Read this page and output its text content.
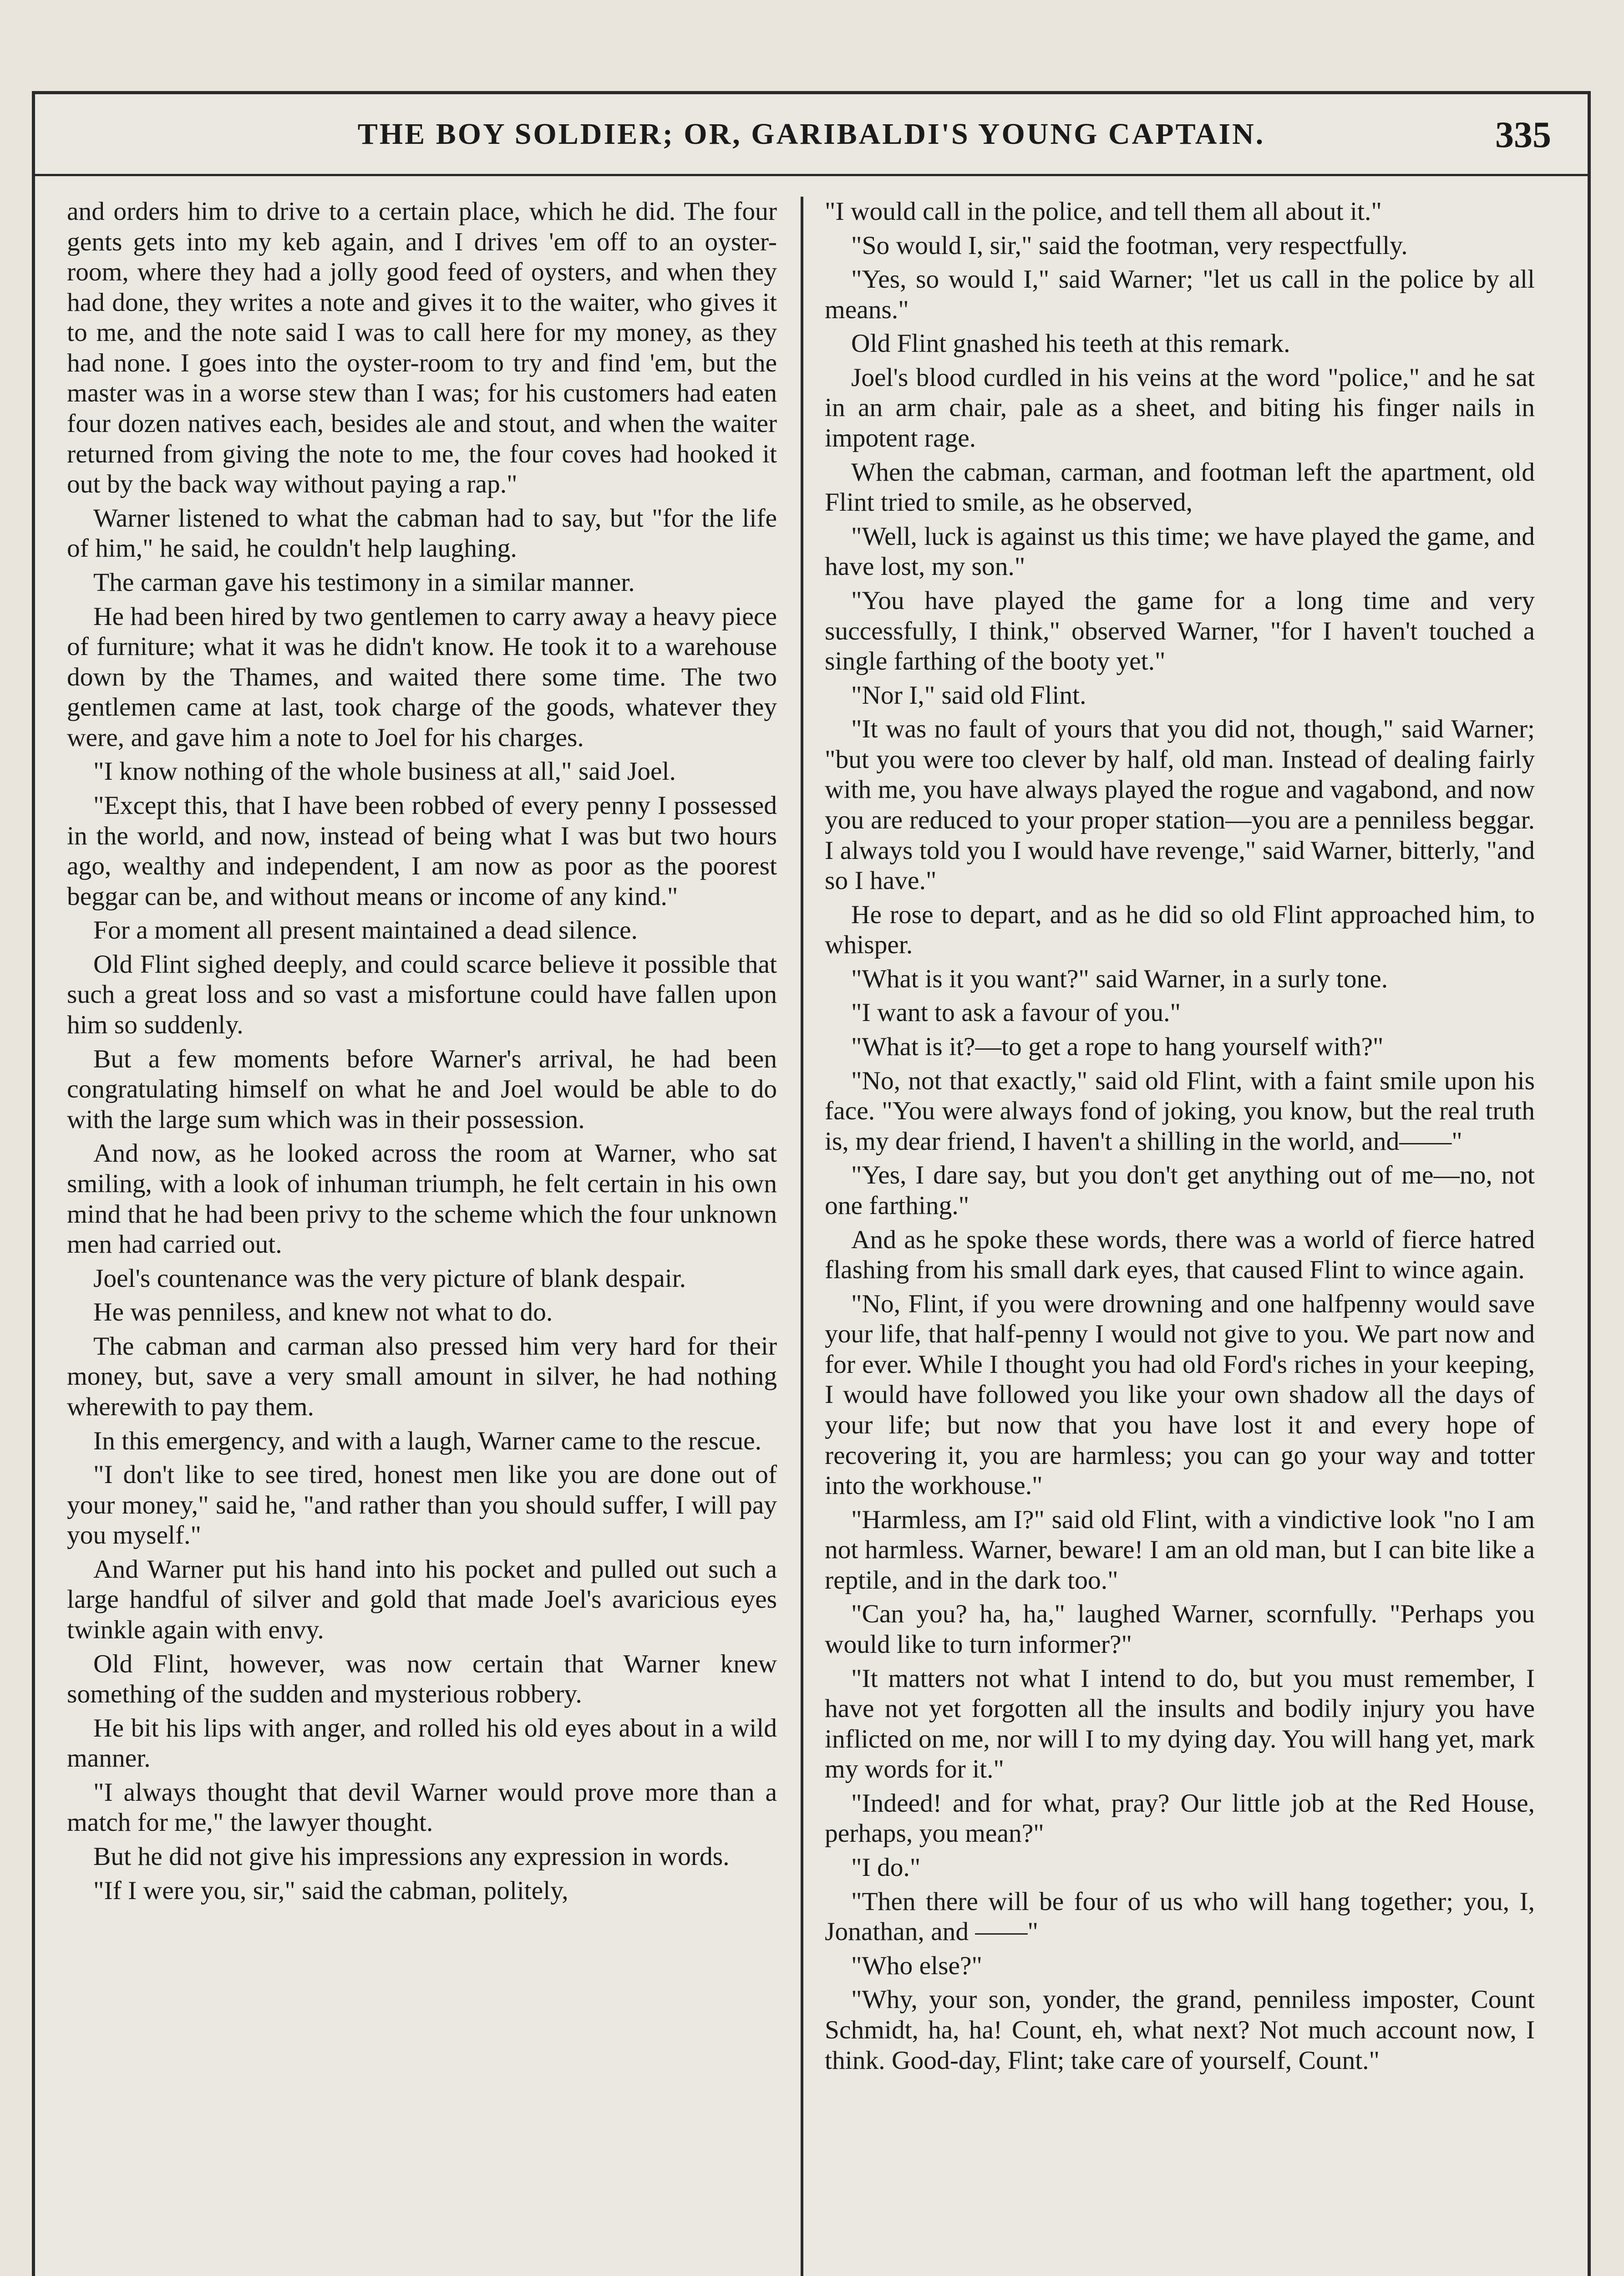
THE BOY SOLDIER; OR, GARIBALDI'S YOUNG CAPTAIN.	335

and orders him to drive to a certain place, which he did. The four gents gets into my keb again, and I drives 'em off to an oyster-room, where they had a jolly good feed of oysters, and when they had done, they writes a note and gives it to the waiter, who gives it to me, and the note said I was to call here for my money, as they had none. I goes into the oyster-room to try and find 'em, but the master was in a worse stew than I was; for his customers had eaten four dozen natives each, besides ale and stout, and when the waiter returned from giving the note to me, the four coves had hooked it out by the back way without paying a rap."

Warner listened to what the cabman had to say, but "for the life of him," he said, he couldn't help laughing.

The carman gave his testimony in a similar manner.

He had been hired by two gentlemen to carry away a heavy piece of furniture; what it was he didn't know. He took it to a warehouse down by the Thames, and waited there some time. The two gentlemen came at last, took charge of the goods, whatever they were, and gave him a note to Joel for his charges.

"I know nothing of the whole business at all," said Joel.

"Except this, that I have been robbed of every penny I possessed in the world, and now, instead of being what I was but two hours ago, wealthy and independent, I am now as poor as the poorest beggar can be, and without means or income of any kind."

For a moment all present maintained a dead silence.

Old Flint sighed deeply, and could scarce believe it possible that such a great loss and so vast a misfortune could have fallen upon him so suddenly.

But a few moments before Warner's arrival, he had been congratulating himself on what he and Joel would be able to do with the large sum which was in their possession.

And now, as he looked across the room at Warner, who sat smiling, with a look of inhuman triumph, he felt certain in his own mind that he had been privy to the scheme which the four unknown men had carried out.

Joel's countenance was the very picture of blank despair.

He was penniless, and knew not what to do.

The cabman and carman also pressed him very hard for their money, but, save a very small amount in silver, he had nothing wherewith to pay them.

In this emergency, and with a laugh, Warner came to the rescue.

"I don't like to see tired, honest men like you are done out of your money," said he, "and rather than you should suffer, I will pay you myself."

And Warner put his hand into his pocket and pulled out such a large handful of silver and gold that made Joel's avaricious eyes twinkle again with envy.

Old Flint, however, was now certain that Warner knew something of the sudden and mysterious robbery.

He bit his lips with anger, and rolled his old eyes about in a wild manner.

"I always thought that devil Warner would prove more than a match for me," the lawyer thought.

But he did not give his impressions any expression in words.

"If I were you, sir," said the cabman, politely,

"I would call in the police, and tell them all about it."

"So would I, sir," said the footman, very respectfully.

"Yes, so would I," said Warner; "let us call in the police by all means."

Old Flint gnashed his teeth at this remark.

Joel's blood curdled in his veins at the word "police," and he sat in an arm chair, pale as a sheet, and biting his finger nails in impotent rage.

When the cabman, carman, and footman left the apartment, old Flint tried to smile, as he observed,

"Well, luck is against us this time; we have played the game, and have lost, my son."

"You have played the game for a long time and very successfully, I think," observed Warner, "for I haven't touched a single farthing of the booty yet."

"Nor I," said old Flint.

"It was no fault of yours that you did not, though," said Warner; "but you were too clever by half, old man. Instead of dealing fairly with me, you have always played the rogue and vagabond, and now you are reduced to your proper station—you are a penniless beggar. I always told you I would have revenge," said Warner, bitterly, "and so I have."

He rose to depart, and as he did so old Flint approached him, to whisper.

"What is it you want?" said Warner, in a surly tone.

"I want to ask a favour of you."

"What is it?—to get a rope to hang yourself with?"

"No, not that exactly," said old Flint, with a faint smile upon his face. "You were always fond of joking, you know, but the real truth is, my dear friend, I haven't a shilling in the world, and——"

"Yes, I dare say, but you don't get anything out of me—no, not one farthing."

And as he spoke these words, there was a world of fierce hatred flashing from his small dark eyes, that caused Flint to wince again.

"No, Flint, if you were drowning and one halfpenny would save your life, that half-penny I would not give to you. We part now and for ever. While I thought you had old Ford's riches in your keeping, I would have followed you like your own shadow all the days of your life; but now that you have lost it and every hope of recovering it, you are harmless; you can go your way and totter into the workhouse."

"Harmless, am I?" said old Flint, with a vindictive look "no I am not harmless. Warner, beware! I am an old man, but I can bite like a reptile, and in the dark too."

"Can you? ha, ha," laughed Warner, scornfully. "Perhaps you would like to turn informer?"

"It matters not what I intend to do, but you must remember, I have not yet forgotten all the insults and bodily injury you have inflicted on me, nor will I to my dying day. You will hang yet, mark my words for it."

"Indeed! and for what, pray? Our little job at the Red House, perhaps, you mean?"

"I do."

"Then there will be four of us who will hang together; you, I, Jonathan, and ——"

"Who else?"

"Why, your son, yonder, the grand, penniless imposter, Count Schmidt, ha, ha! Count, eh, what next? Not much account now, I think. Good-day, Flint; take care of yourself, Count."
